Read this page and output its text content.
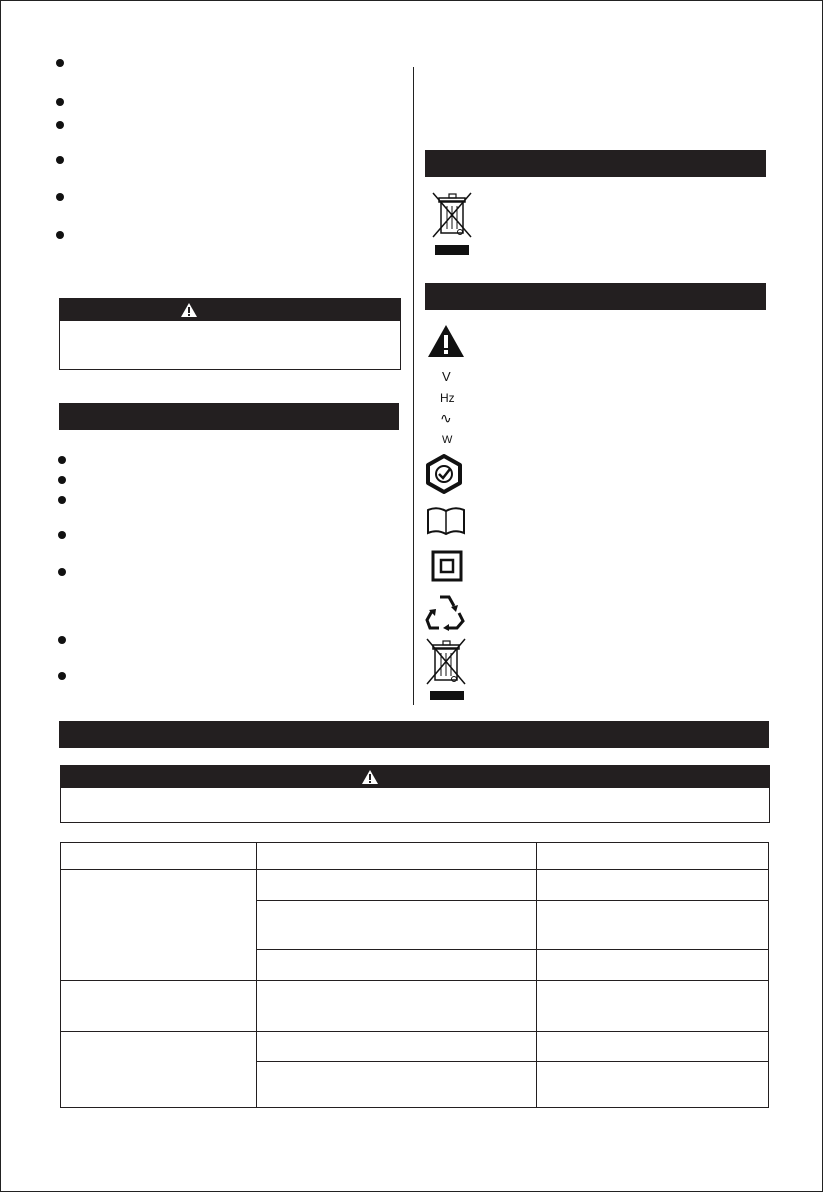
V
Hz
∿
W
